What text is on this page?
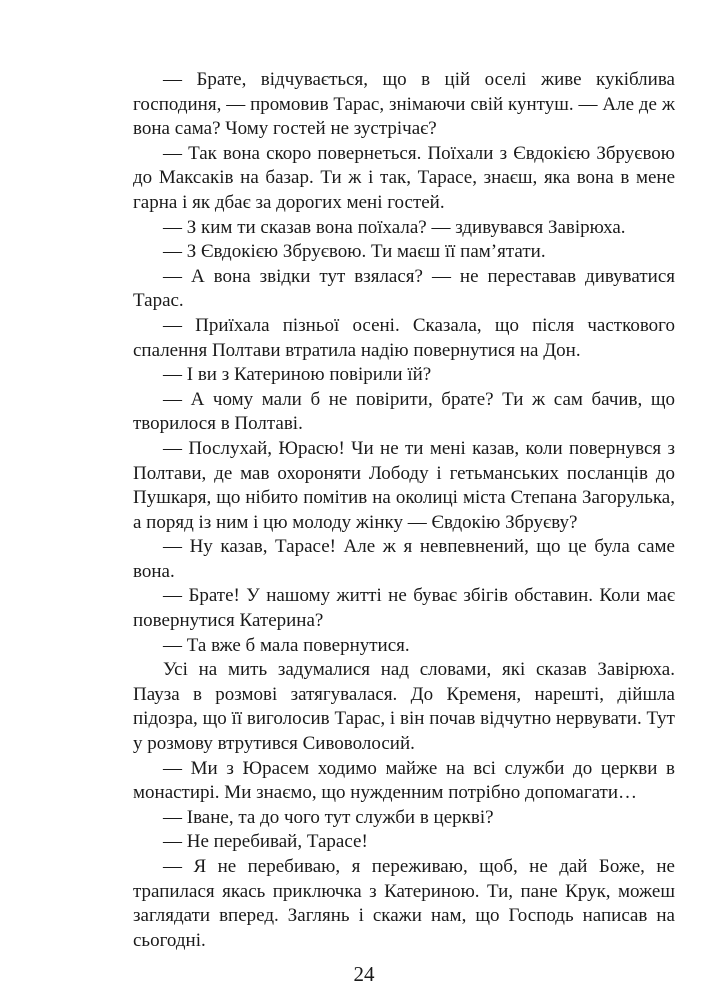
— Брате, відчувається, що в цій оселі живе кукіблива господиня, — промовив Тарас, знімаючи свій кунтуш. — Але де ж вона сама? Чому гостей не зустрічає?

— Так вона скоро повернеться. Поїхали з Євдокією Збруєвою до Максаків на базар. Ти ж і так, Тарасе, знаєш, яка вона в мене гарна і як дбає за дорогих мені гостей.

— З ким ти сказав вона поїхала? — здивувався Завірюха.

— З Євдокією Збруєвою. Ти маєш її пам’ятати.

— А вона звідки тут взялася? — не переставав дивуватися Тарас.

— Приїхала пізньої осені. Сказала, що після часткового спалення Полтави втратила надію повернутися на Дон.

— І ви з Катериною повірили їй?

— А чому мали б не повірити, брате? Ти ж сам бачив, що творилося в Полтаві.

— Послухай, Юрасю! Чи не ти мені казав, коли повернувся з Полтави, де мав охороняти Лободу і гетьманських посланців до Пушкаря, що нібито помітив на околиці міста Степана Загорулька, а поряд із ним і цю молоду жінку — Євдокію Збруєву?

— Ну казав, Тарасе! Але ж я невпевнений, що це була саме вона.

— Брате! У нашому житті не буває збігів обставин. Коли має повернутися Катерина?

— Та вже б мала повернутися.

Усі на мить задумалися над словами, які сказав Завірюха. Пауза в розмові затягувалася. До Кременя, нарешті, дійшла підозра, що її виголосив Тарас, і він почав відчутно нервувати. Тут у розмову втрутився Сивоволосий.

— Ми з Юрасем ходимо майже на всі служби до церкви в монастирі. Ми знаємо, що нужденним потрібно допомагати…

— Іване, та до чого тут служби в церкві?

— Не перебивай, Тарасе!

— Я не перебиваю, я переживаю, щоб, не дай Боже, не трапилася якась приключка з Катериною. Ти, пане Крук, можеш заглядати вперед. Заглянь і скажи нам, що Господь написав на сьогодні.

24
